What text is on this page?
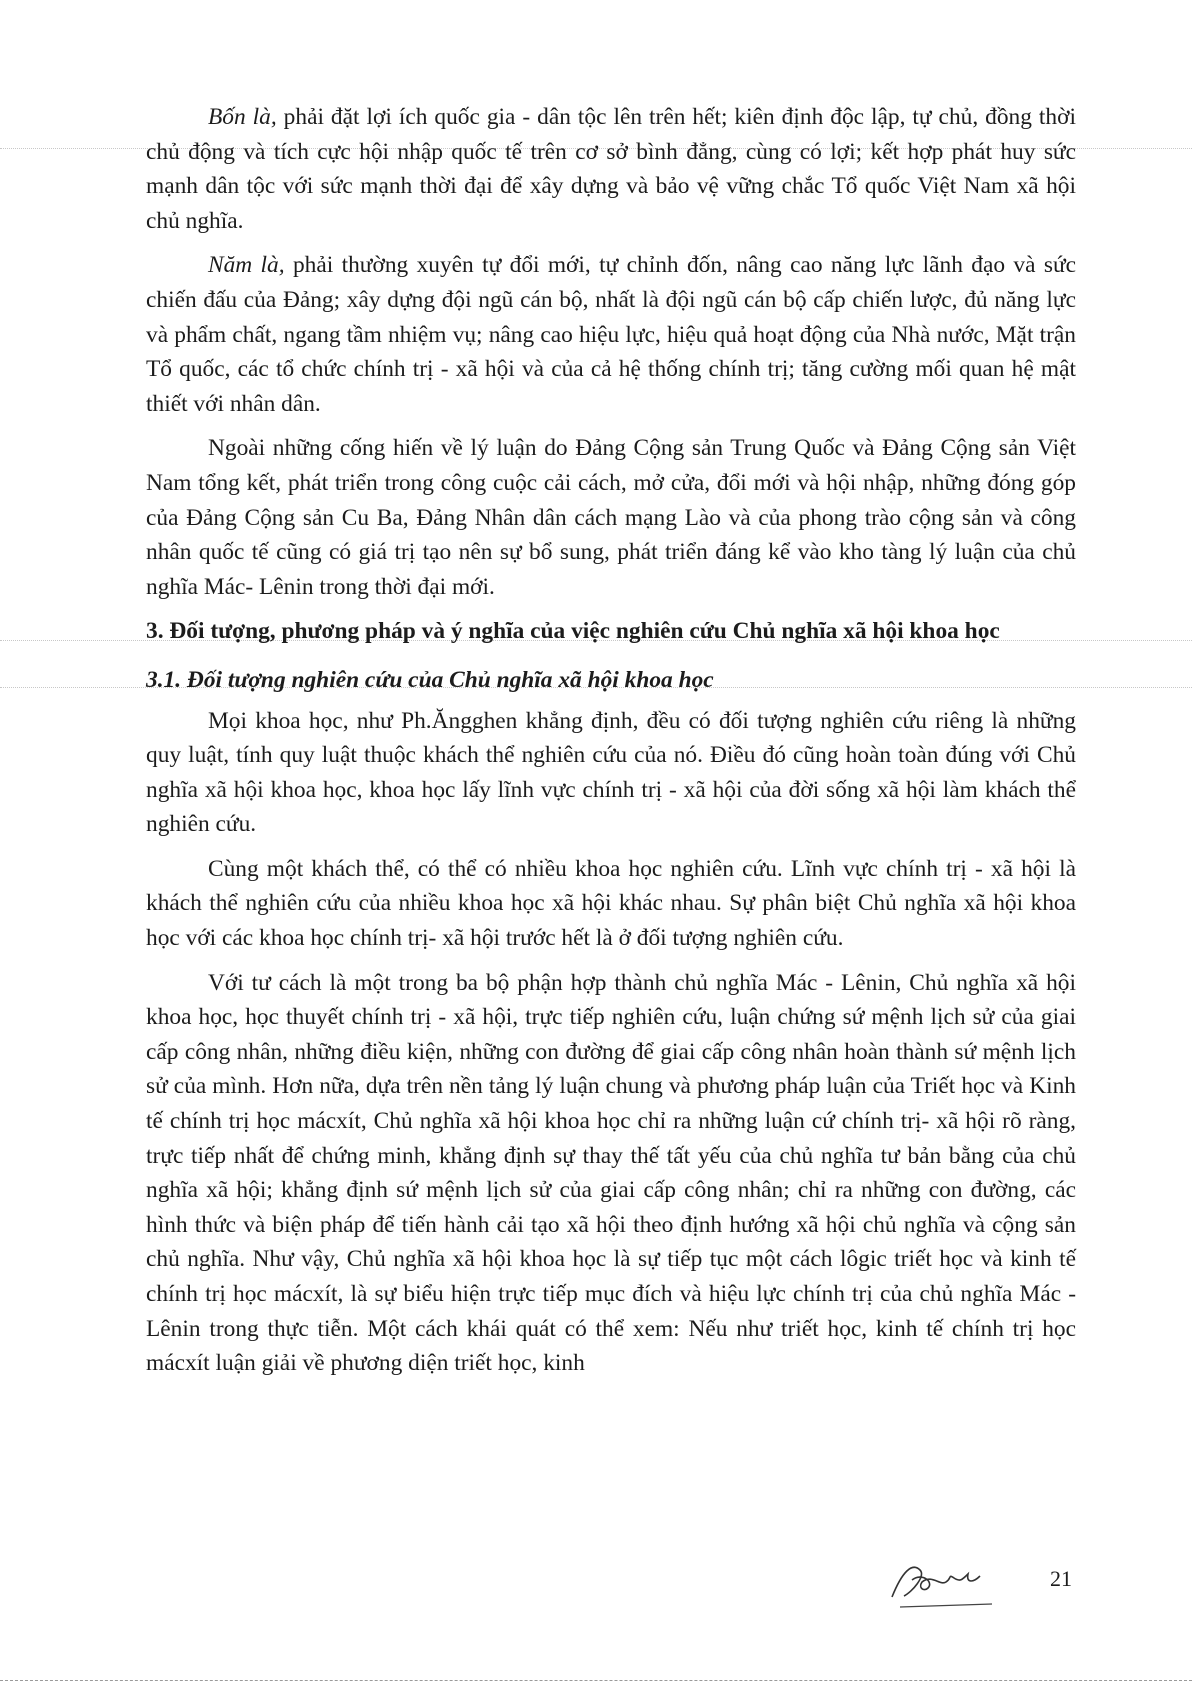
Bốn là, phải đặt lợi ích quốc gia - dân tộc lên trên hết; kiên định độc lập, tự chủ, đồng thời chủ động và tích cực hội nhập quốc tế trên cơ sở bình đẳng, cùng có lợi; kết hợp phát huy sức mạnh dân tộc với sức mạnh thời đại để xây dựng và bảo vệ vững chắc Tổ quốc Việt Nam xã hội chủ nghĩa.

Năm là, phải thường xuyên tự đổi mới, tự chỉnh đốn, nâng cao năng lực lãnh đạo và sức chiến đấu của Đảng; xây dựng đội ngũ cán bộ, nhất là đội ngũ cán bộ cấp chiến lược, đủ năng lực và phẩm chất, ngang tầm nhiệm vụ; nâng cao hiệu lực, hiệu quả hoạt động của Nhà nước, Mặt trận Tổ quốc, các tổ chức chính trị - xã hội và của cả hệ thống chính trị; tăng cường mối quan hệ mật thiết với nhân dân.

Ngoài những cống hiến về lý luận do Đảng Cộng sản Trung Quốc và Đảng Cộng sản Việt Nam tổng kết, phát triển trong công cuộc cải cách, mở cửa, đổi mới và hội nhập, những đóng góp của Đảng Cộng sản Cu Ba, Đảng Nhân dân cách mạng Lào và của phong trào cộng sản và công nhân quốc tế cũng có giá trị tạo nên sự bổ sung, phát triển đáng kể vào kho tàng lý luận của chủ nghĩa Mác- Lênin trong thời đại mới.

3. Đối tượng, phương pháp và ý nghĩa của việc nghiên cứu Chủ nghĩa xã hội khoa học

3.1. Đối tượng nghiên cứu của Chủ nghĩa xã hội khoa học

Mọi khoa học, như Ph.Ăngghen khẳng định, đều có đối tượng nghiên cứu riêng là những quy luật, tính quy luật thuộc khách thể nghiên cứu của nó. Điều đó cũng hoàn toàn đúng với Chủ nghĩa xã hội khoa học, khoa học lấy lĩnh vực chính trị - xã hội của đời sống xã hội làm khách thể nghiên cứu.

Cùng một khách thể, có thể có nhiều khoa học nghiên cứu. Lĩnh vực chính trị - xã hội là khách thể nghiên cứu của nhiều khoa học xã hội khác nhau. Sự phân biệt Chủ nghĩa xã hội khoa học với các khoa học chính trị- xã hội trước hết là ở đối tượng nghiên cứu.

Với tư cách là một trong ba bộ phận hợp thành chủ nghĩa Mác - Lênin, Chủ nghĩa xã hội khoa học, học thuyết chính trị - xã hội, trực tiếp nghiên cứu, luận chứng sứ mệnh lịch sử của giai cấp công nhân, những điều kiện, những con đường để giai cấp công nhân hoàn thành sứ mệnh lịch sử của mình. Hơn nữa, dựa trên nền tảng lý luận chung và phương pháp luận của Triết học và Kinh tế chính trị học mácxít, Chủ nghĩa xã hội khoa học chỉ ra những luận cứ chính trị- xã hội rõ ràng, trực tiếp nhất để chứng minh, khẳng định sự thay thế tất yếu của chủ nghĩa tư bản bằng của chủ nghĩa xã hội; khẳng định sứ mệnh lịch sử của giai cấp công nhân; chỉ ra những con đường, các hình thức và biện pháp để tiến hành cải tạo xã hội theo định hướng xã hội chủ nghĩa và cộng sản chủ nghĩa. Như vậy, Chủ nghĩa xã hội khoa học là sự tiếp tục một cách lôgic triết học và kinh tế chính trị học mácxít, là sự biểu hiện trực tiếp mục đích và hiệu lực chính trị của chủ nghĩa Mác - Lênin trong thực tiễn. Một cách khái quát có thể xem: Nếu như triết học, kinh tế chính trị học mácxít luận giải về phương diện triết học, kinh

21
